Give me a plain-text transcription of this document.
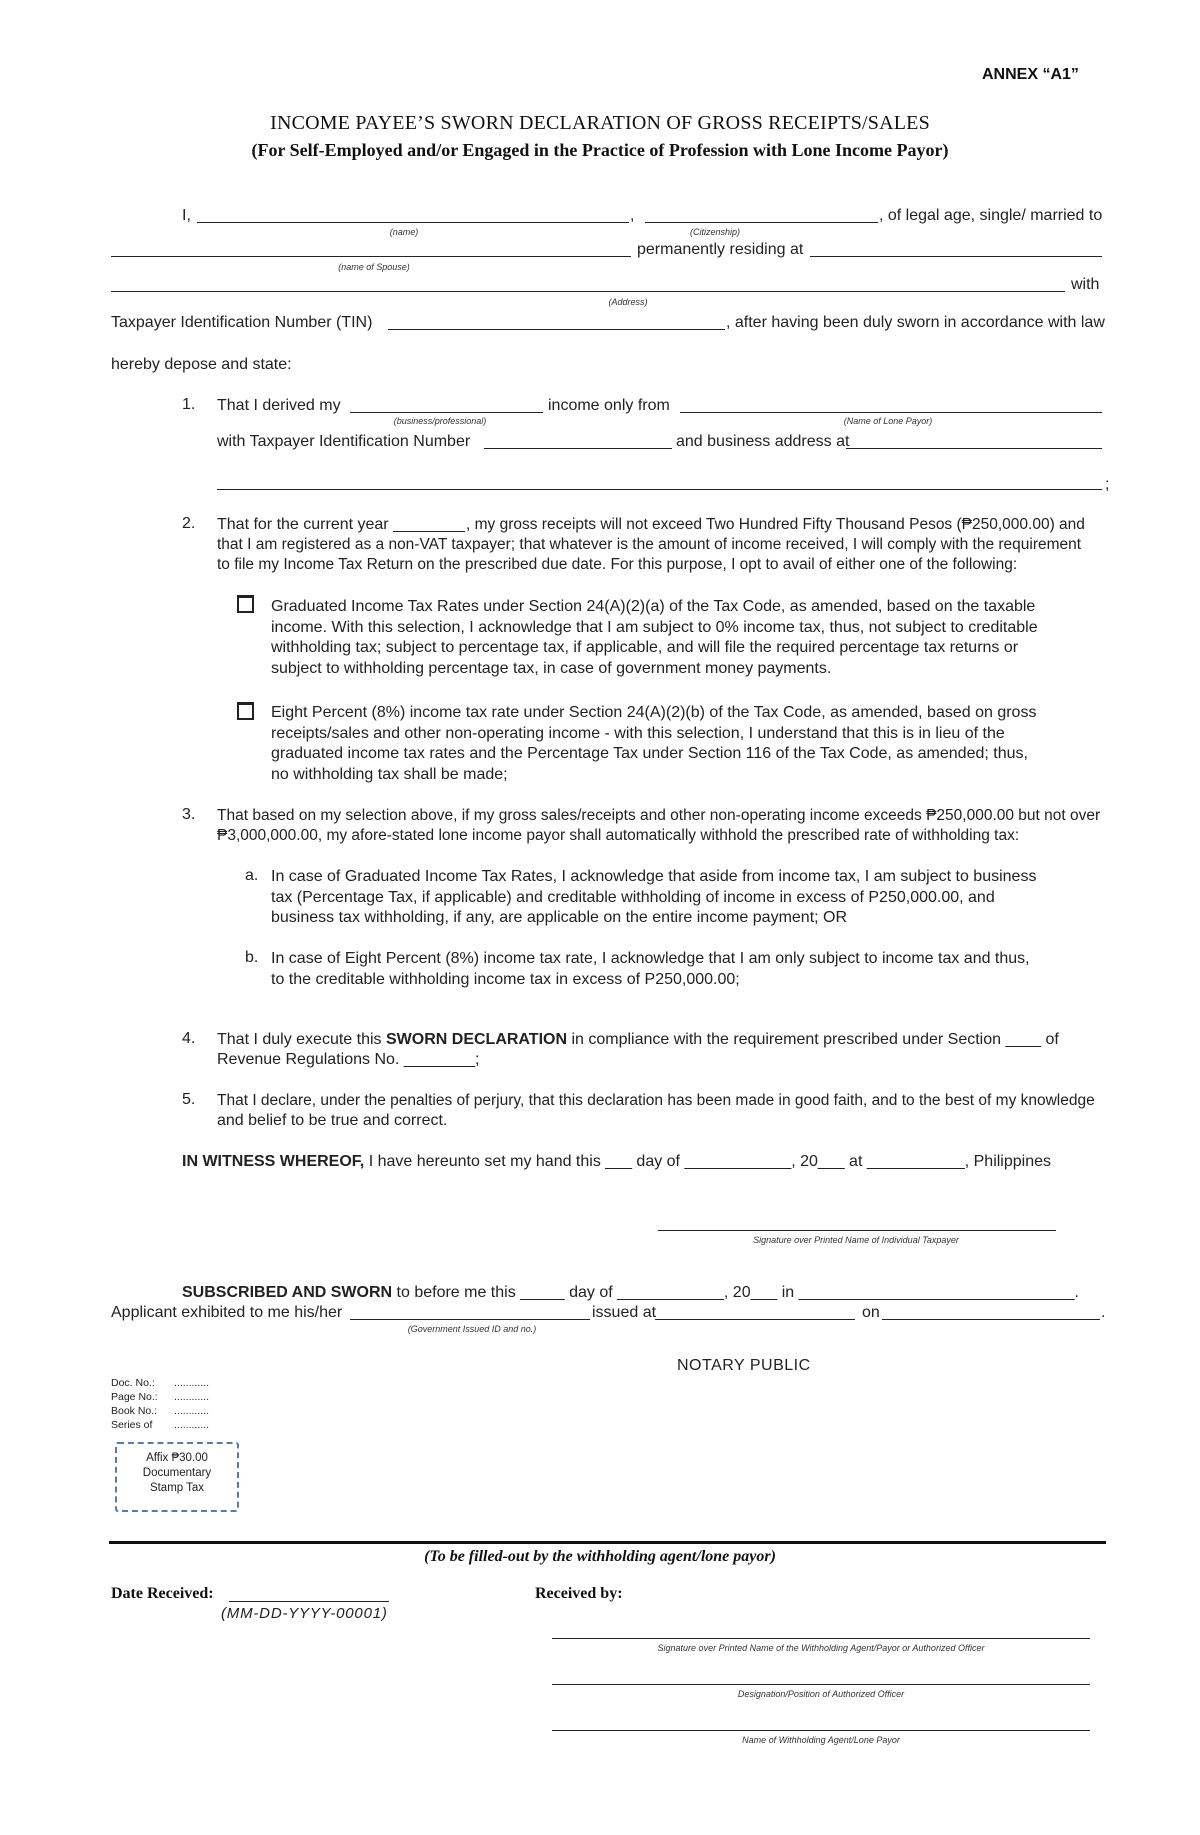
ANNEX “A1”
INCOME PAYEE’S SWORN DECLARATION OF GROSS RECEIPTS/SALES
(For Self-Employed and/or Engaged in the Practice of Profession with Lone Income Payor)
I,	,	, of legal age, single/ married to
(name)	(Citizenship)
permanently residing at
(name of Spouse)
with
(Address)
Taxpayer Identification Number (TIN)	, after having been duly sworn in accordance with law
hereby depose and state:
1. That I derived my	income only from
(business/professional)	(Name of Lone Payor)
with Taxpayer Identification Number	and business address at
;
2. That for the current year	, my gross receipts will not exceed Two Hundred Fifty Thousand Pesos (₱250,000.00) and
that I am registered as a non-VAT taxpayer; that whatever is the amount of income received, I will comply with the requirement
to file my Income Tax Return on the prescribed due date. For this purpose, I opt to avail of either one of the following:
Graduated Income Tax Rates under Section 24(A)(2)(a) of the Tax Code, as amended, based on the taxable income. With this selection, I acknowledge that I am subject to 0% income tax, thus, not subject to creditable withholding tax; subject to percentage tax, if applicable, and will file the required percentage tax returns or subject to withholding percentage tax, in case of government money payments.
Eight Percent (8%) income tax rate under Section 24(A)(2)(b) of the Tax Code, as amended, based on gross receipts/sales and other non-operating income - with this selection, I understand that this is in lieu of the graduated income tax rates and the Percentage Tax under Section 116 of the Tax Code, as amended; thus, no withholding tax shall be made;
3. That based on my selection above, if my gross sales/receipts and other non-operating income exceeds ₱250,000.00 but not over
₱3,000,000.00, my afore-stated lone income payor shall automatically withhold the prescribed rate of withholding tax:
a. In case of Graduated Income Tax Rates, I acknowledge that aside from income tax, I am subject to business tax (Percentage Tax, if applicable) and creditable withholding of income in excess of P250,000.00, and business tax withholding, if any, are applicable on the entire income payment; OR
b. In case of Eight Percent (8%) income tax rate, I acknowledge that I am only subject to income tax and thus, to the creditable withholding income tax in excess of P250,000.00;
4. That I duly execute this SWORN DECLARATION in compliance with the requirement prescribed under Section ____ of
Revenue Regulations No. ________;
5. That I declare, under the penalties of perjury, that this declaration has been made in good faith, and to the best of my knowledge
and belief to be true and correct.
IN WITNESS WHEREOF, I have hereunto set my hand this ___ day of ____________, 20___ at ___________, Philippines
Signature over Printed Name of Individual Taxpayer
SUBSCRIBED AND SWORN to before me this _____ day of ____________, 20___ in _______________________________.
Applicant exhibited to me his/her	issued at	on	.
(Government Issued ID and no.)
NOTARY PUBLIC
Doc. No.: ............
Page No.: ............
Book No.: ............
Series of ............
Affix ₱30.00
Documentary
Stamp Tax
(To be filled-out by the withholding agent/lone payor)
Date Received:
(MM-DD-YYYY-00001)
Received by:
Signature over Printed Name of the Withholding Agent/Payor or Authorized Officer
Designation/Position of Authorized Officer
Name of Withholding Agent/Lone Payor
